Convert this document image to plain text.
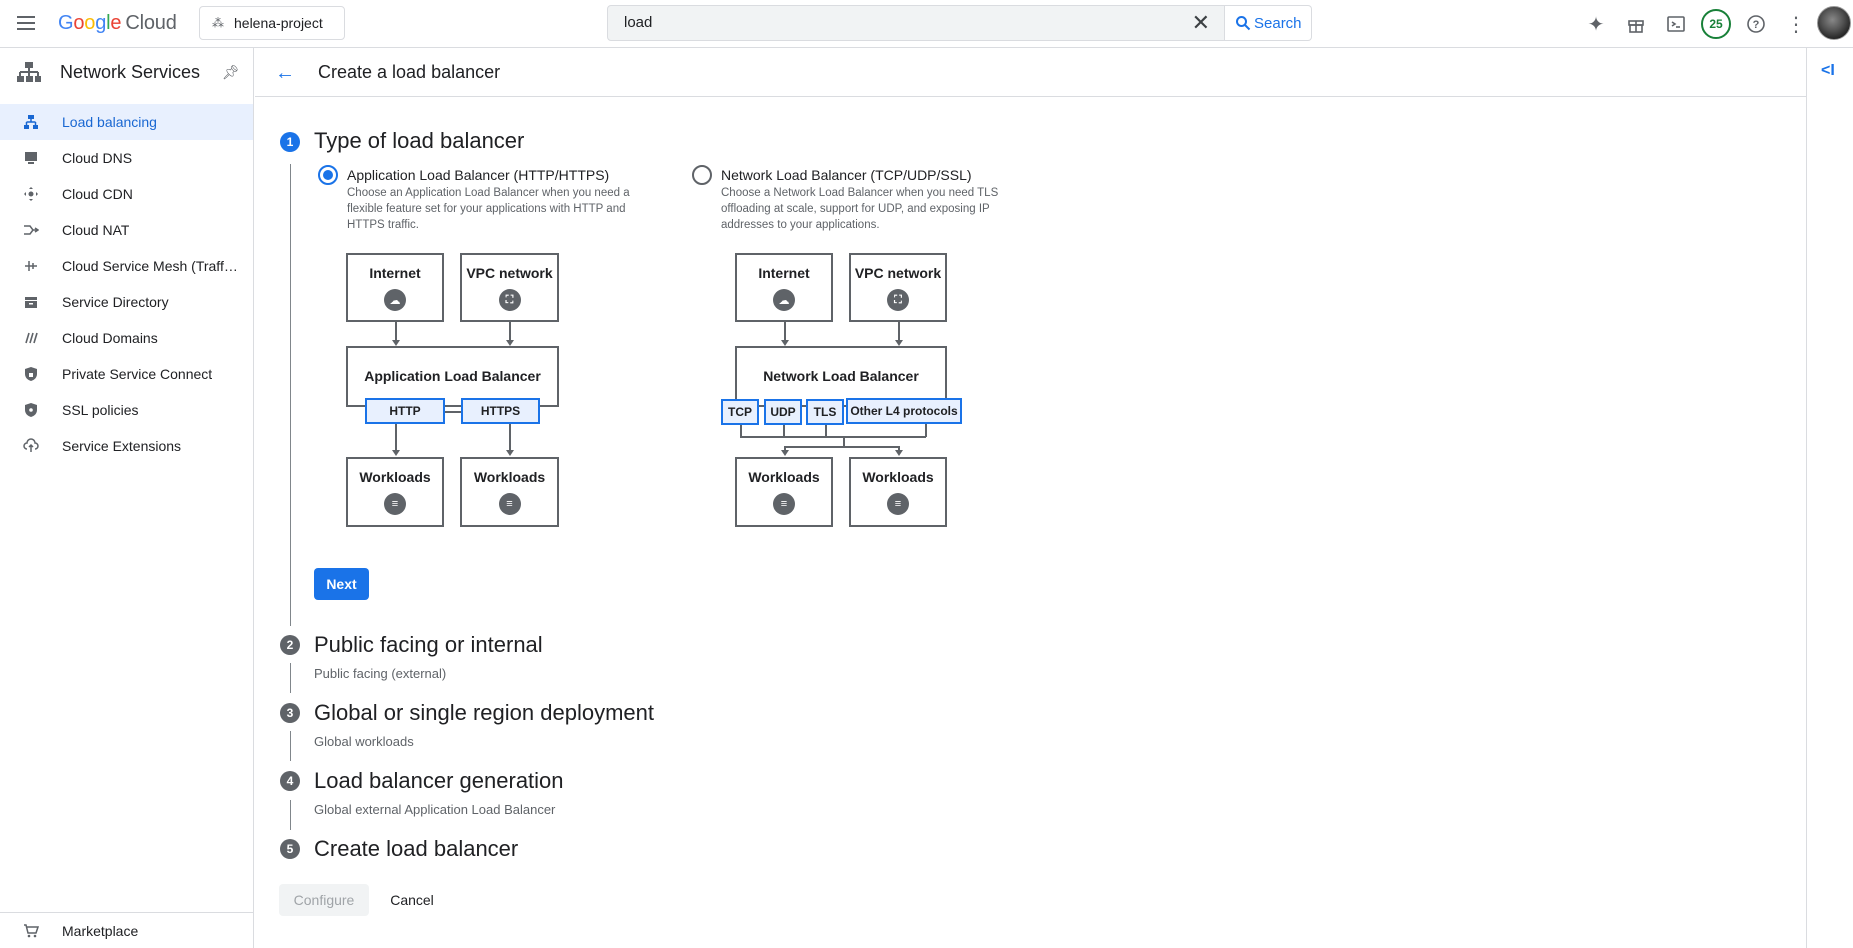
Google Cloud	⁂ helena-project
load	✕	Search	✦	25	?	⋮
Network Services 📌︎
Load balancing
Cloud DNS
Cloud CDN
Cloud NAT
Cloud Service Mesh (Traff…
Service Directory
Cloud Domains
Private Service Connect
SSL policies
Service Extensions
Marketplace
<I
← Create a load balancer
1 Type of load balancer
Application Load Balancer (HTTP/HTTPS)
Choose an Application Load Balancer when you need a flexible feature set for your applications with HTTP and HTTPS traffic.
Network Load Balancer (TCP/UDP/SSL)
Choose a Network Load Balancer when you need TLS offloading at scale, support for UDP, and exposing IP addresses to your applications.
Internet
☁
VPC network
⛶
Application Load Balancer
HTTP	HTTPS
Workloads
≡
Workloads
≡
Internet
☁
VPC network
⛶
Network Load Balancer
TCP	UDP	TLS	Other L4 protocols
Workloads
≡
Workloads
≡
Next
2 Public facing or internal
Public facing (external)
3 Global or single region deployment
Global workloads
4 Load balancer generation
Global external Application Load Balancer
5 Create load balancer
Configure	Cancel
